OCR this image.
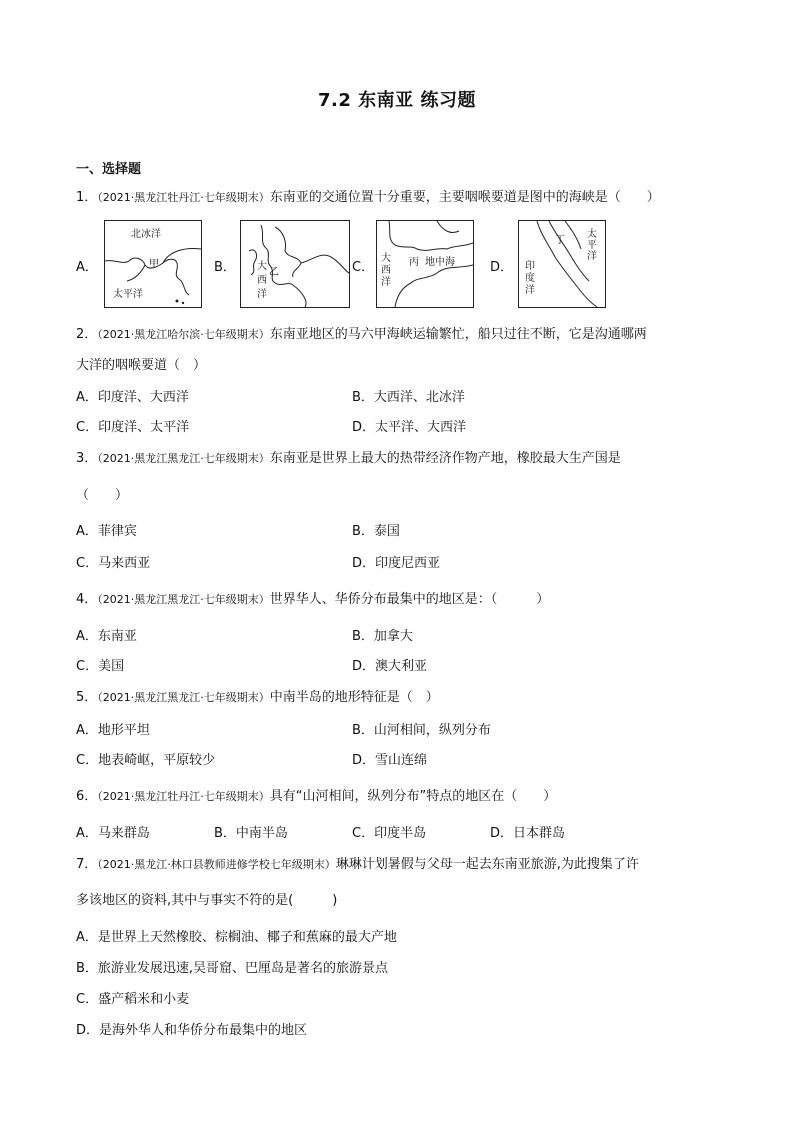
7.2 东南亚 练习题
一、选择题
1．（2021·黑龙江牡丹江·七年级期末）东南亚的交通位置十分重要，主要咽喉要道是图中的海峡是（　　）
A．
北冰洋
甲
太平洋
B． 大
乙
西
洋
C．
大
西
洋
丙 地中海	D．
丁
太
平
洋
印
度
洋
2．（2021·黑龙江哈尔滨·七年级期末）东南亚地区的马六甲海峡运输繁忙，船只过往不断，它是沟通哪两
大洋的咽喉要道（　）
A．印度洋、大西洋	B．大西洋、北冰洋
C．印度洋、太平洋	D．太平洋、大西洋
3．（2021·黑龙江黑龙江·七年级期末）东南亚是世界上最大的热带经济作物产地，橡胶最大生产国是
（　　）
A．菲律宾	B．泰国
C．马来西亚	D．印度尼西亚
4．（2021·黑龙江黑龙江·七年级期末）世界华人、华侨分布最集中的地区是：（　　　）
A．东南亚	B．加拿大
C．美国	D．澳大利亚
5．（2021·黑龙江黑龙江·七年级期末）中南半岛的地形特征是（　）
A．地形平坦	B．山河相间，纵列分布
C．地表崎岖，平原较少	D．雪山连绵
6．（2021·黑龙江牡丹江·七年级期末）具有“山河相间，纵列分布”特点的地区在（　　）
A．马来群岛	B．中南半岛	C．印度半岛	D．日本群岛
7．（2021·黑龙江·林口县教师进修学校七年级期末）琳琳计划暑假与父母一起去东南亚旅游,为此搜集了许
多该地区的资料,其中与事实不符的是(　　　)
A．是世界上天然橡胶、棕榈油、椰子和蕉麻的最大产地
B．旅游业发展迅速,吴哥窟、巴厘岛是著名的旅游景点
C．盛产稻米和小麦
D．是海外华人和华侨分布最集中的地区
